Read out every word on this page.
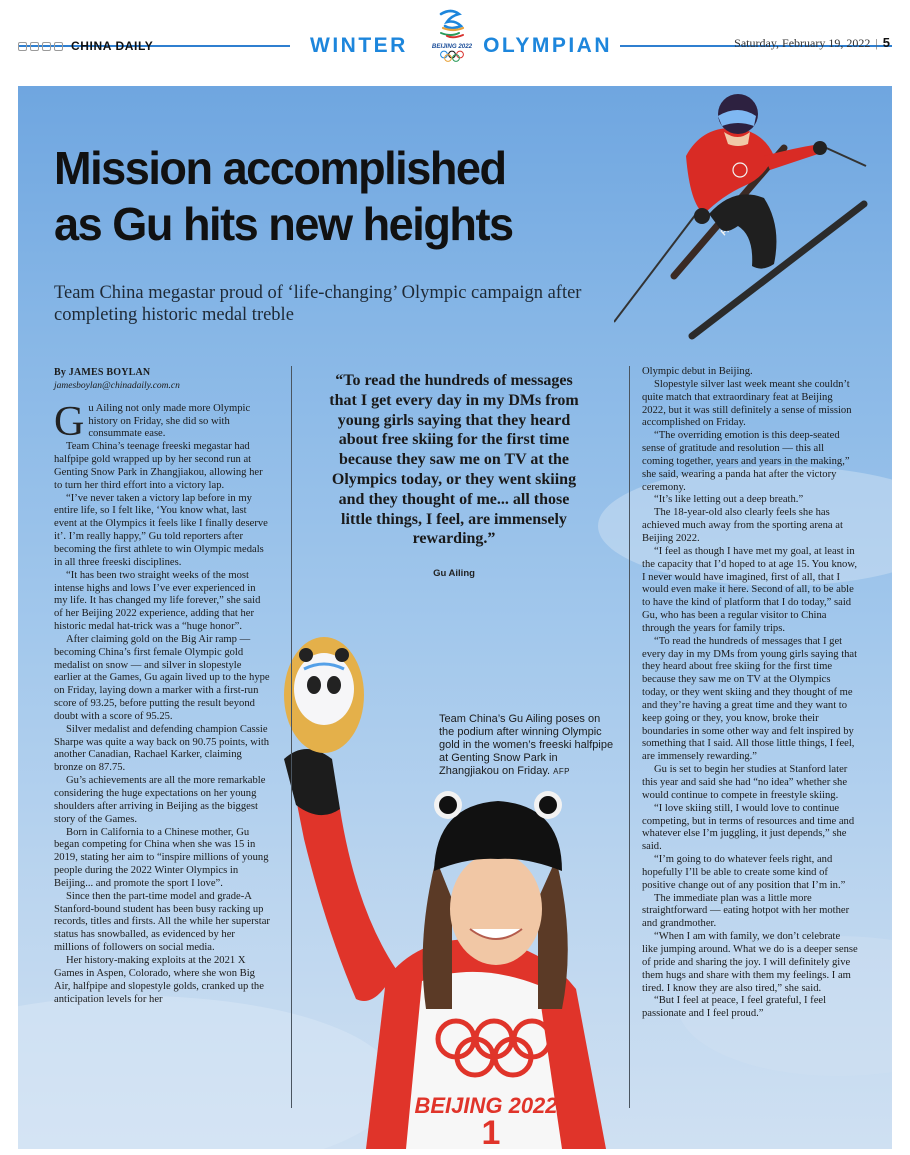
CHINA DAILY	WINTER	BEIJING 2022 OLYMPIAN	Saturday, February 19, 2022 | 5
BEIJING 2022
1
Mission accomplished
as Gu hits new heights
Team China megastar proud of ‘life-changing’ Olympic campaign after completing historic medal treble
By JAMES BOYLAN
jamesboylan@chinadaily.com.cn

Gu Ailing not only made more Olympic history on Friday, she did so with consummate ease.

Team China’s teenage freeski megastar had halfpipe gold wrapped up by her second run at Genting Snow Park in Zhangjiakou, allowing her to turn her third effort into a victory lap.

“I’ve never taken a victory lap before in my entire life, so I felt like, ‘You know what, last event at the Olympics it feels like I finally deserve it’. I’m really happy,” Gu told reporters after becoming the first athlete to win Olympic medals in all three freeski disciplines.

“It has been two straight weeks of the most intense highs and lows I’ve ever experienced in my life. It has changed my life forever,” she said of her Beijing 2022 experience, adding that her historic medal hat-trick was a “huge honor”.

After claiming gold on the Big Air ramp — becoming China’s first female Olympic gold medalist on snow — and silver in slopestyle earlier at the Games, Gu again lived up to the hype on Friday, laying down a marker with a first-run score of 93.25, before putting the result beyond doubt with a score of 95.25.

Silver medalist and defending champion Cassie Sharpe was quite a way back on 90.75 points, with another Canadian, Rachael Karker, claiming bronze on 87.75.

Gu’s achievements are all the more remarkable considering the huge expectations on her young shoulders after arriving in Beijing as the biggest story of the Games.

Born in California to a Chinese mother, Gu began competing for China when she was 15 in 2019, stating her aim to “inspire millions of young people during the 2022 Winter Olympics in Beijing... and promote the sport I love”.

Since then the part-time model and grade-A Stanford-bound student has been busy racking up records, titles and firsts. All the while her superstar status has snowballed, as evidenced by her millions of followers on social media.

Her history-making exploits at the 2021 X Games in Aspen, Colorado, where she won Big Air, halfpipe and slopestyle golds, cranked up the anticipation levels for her

“To read the hundreds of messages that I get every day in my DMs from young girls saying that they heard about free skiing for the first time because they saw me on TV at the Olympics today, or they went skiing and they thought of me... all those little things, I feel, are immensely rewarding.”
Gu Ailing
Team China’s Gu Ailing poses on the podium after winning Olympic gold in the women’s freeski halfpipe at Genting Snow Park in Zhangjiakou on Friday. AFP

Olympic debut in Beijing.

Slopestyle silver last week meant she couldn’t quite match that extraordinary feat at Beijing 2022, but it was still definitely a sense of mission accomplished on Friday.

“The overriding emotion is this deep-seated sense of gratitude and resolution — this all coming together, years and years in the making,” she said, wearing a panda hat after the victory ceremony.

“It’s like letting out a deep breath.”

The 18-year-old also clearly feels she has achieved much away from the sporting arena at Beijing 2022.

“I feel as though I have met my goal, at least in the capacity that I’d hoped to at age 15. You know, I never would have imagined, first of all, that I would even make it here. Second of all, to be able to have the kind of platform that I do today,” said Gu, who has been a regular visitor to China through the years for family trips.

“To read the hundreds of messages that I get every day in my DMs from young girls saying that they heard about free skiing for the first time because they saw me on TV at the Olympics today, or they went skiing and they thought of me and they’re having a great time and they want to keep going or they, you know, broke their boundaries in some other way and felt inspired by something that I said. All those little things, I feel, are immensely rewarding.”

Gu is set to begin her studies at Stanford later this year and said she had “no idea” whether she would continue to compete in freestyle skiing.

“I love skiing still, I would love to continue competing, but in terms of resources and time and whatever else I’m juggling, it just depends,” she said.

“I’m going to do whatever feels right, and hopefully I’ll be able to create some kind of positive change out of any position that I’m in.”

The immediate plan was a little more straightforward — eating hotpot with her mother and grandmother.

“When I am with family, we don’t celebrate like jumping around. What we do is a deeper sense of pride and sharing the joy. I will definitely give them hugs and share with them my feelings. I am tired. I know they are also tired,” she said.

“But I feel at peace, I feel grateful, I feel passionate and I feel proud.”
